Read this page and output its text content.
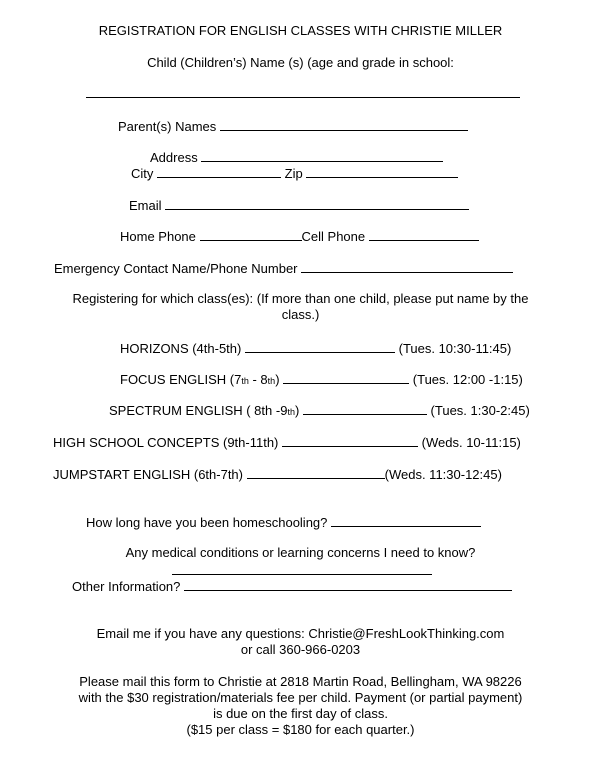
REGISTRATION FOR ENGLISH CLASSES WITH CHRISTIE MILLER
Child (Children’s) Name (s) (age and grade in school:
Parent(s) Names
Address
City	Zip
Email
Home Phone	Cell Phone
Emergency Contact Name/Phone Number
Registering for which class(es): (If more than one child, please put name by the
class.)
HORIZONS (4th-5th)	(Tues. 10:30-11:45)
FOCUS ENGLISH (7th - 8th)	(Tues. 12:00 -1:15)
SPECTRUM ENGLISH ( 8th -9th)	(Tues. 1:30-2:45)
HIGH SCHOOL CONCEPTS (9th-11th)	(Weds. 10-11:15)
JUMPSTART ENGLISH (6th-7th)	(Weds. 11:30-12:45)
How long have you been homeschooling?
Any medical conditions or learning concerns I need to know?
Other Information?
Email me if you have any questions: Christie@FreshLookThinking.com
or call 360-966-0203
Please mail this form to Christie at 2818 Martin Road, Bellingham, WA 98226
with the $30 registration/materials fee per child. Payment (or partial payment)
is due on the first day of class.
($15 per class = $180 for each quarter.)
